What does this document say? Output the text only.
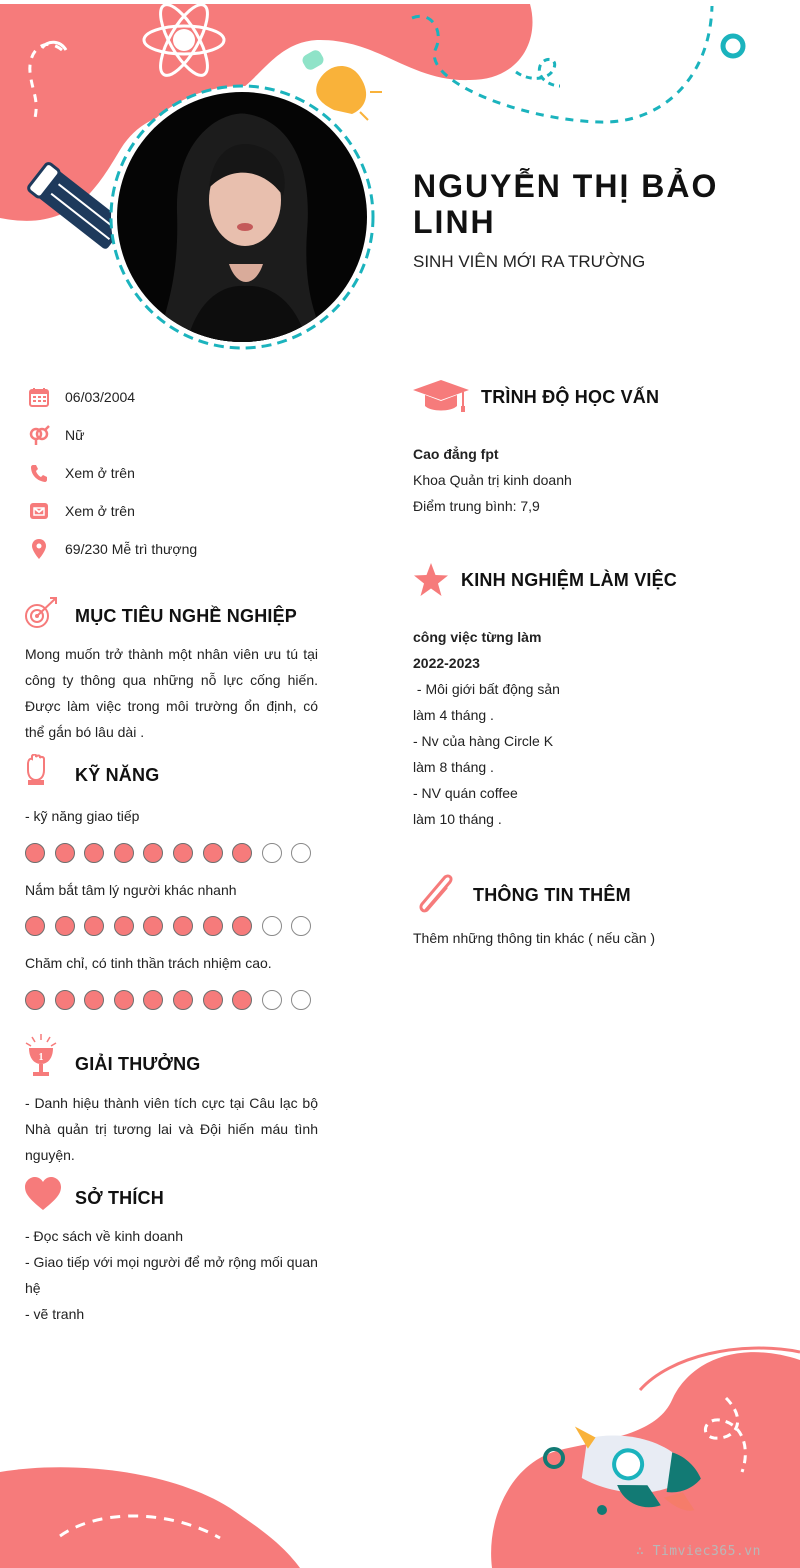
NGUYỄN THỊ BẢO LINH
SINH VIÊN MỚI RA TRƯỜNG
06/03/2004
Nữ
Xem ở trên
Xem ở trên
69/230 Mễ trì thượng
MỤC TIÊU NGHỀ NGHIỆP
Mong muốn trở thành một nhân viên ưu tú tại công ty thông qua những nỗ lực cống hiến. Được làm việc trong môi trường ổn định, có thể gắn bó lâu dài .
KỸ NĂNG
- kỹ năng giao tiếp
Nắm bắt tâm lý người khác nhanh
Chăm chỉ, có tinh thần trách nhiệm cao.
1 GIẢI THƯỞNG
- Danh hiệu thành viên tích cực tại Câu lạc bộ Nhà quản trị tương lai và Đội hiến máu tình nguyện.
SỞ THÍCH
- Đọc sách về kinh doanh
- Giao tiếp với mọi người để mở rộng mối quan hệ
- vẽ tranh
TRÌNH ĐỘ HỌC VẤN
Cao đẳng fpt
Khoa Quản trị kinh doanh
Điểm trung bình: 7,9
KINH NGHIỆM LÀM VIỆC
công việc từng làm
2022-2023
- Môi giới bất động sản
làm 4 tháng .
- Nv của hàng Circle K
làm 8 tháng .
- NV quán coffee
làm 10 tháng .
THÔNG TIN THÊM
Thêm những thông tin khác ( nếu cần )
∴ Timviec365.vn
